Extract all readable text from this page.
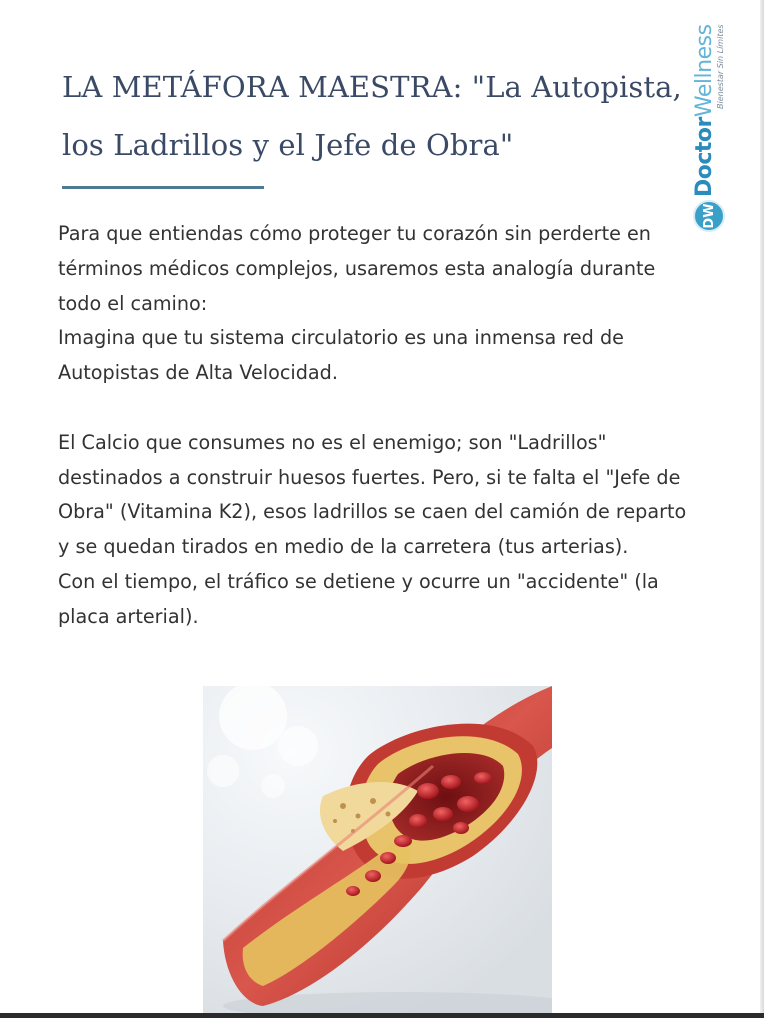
LA METÁFORA MAESTRA: "La Autopista, los Ladrillos y el Jefe de Obra"
DW
DoctorWellness Bienestar Sin Límites

Para que entiendas cómo proteger tu corazón sin perderte en términos médicos complejos, usaremos esta analogía durante todo el camino:

Imagina que tu sistema circulatorio es una inmensa red de Autopistas de Alta Velocidad.

El Calcio que consumes no es el enemigo; son "Ladrillos" destinados a construir huesos fuertes. Pero, si te falta el "Jefe de Obra" (Vitamina K2), esos ladrillos se caen del camión de reparto y se quedan tirados en medio de la carretera (tus arterias).

Con el tiempo, el tráfico se detiene y ocurre un "accidente" (la placa arterial).
